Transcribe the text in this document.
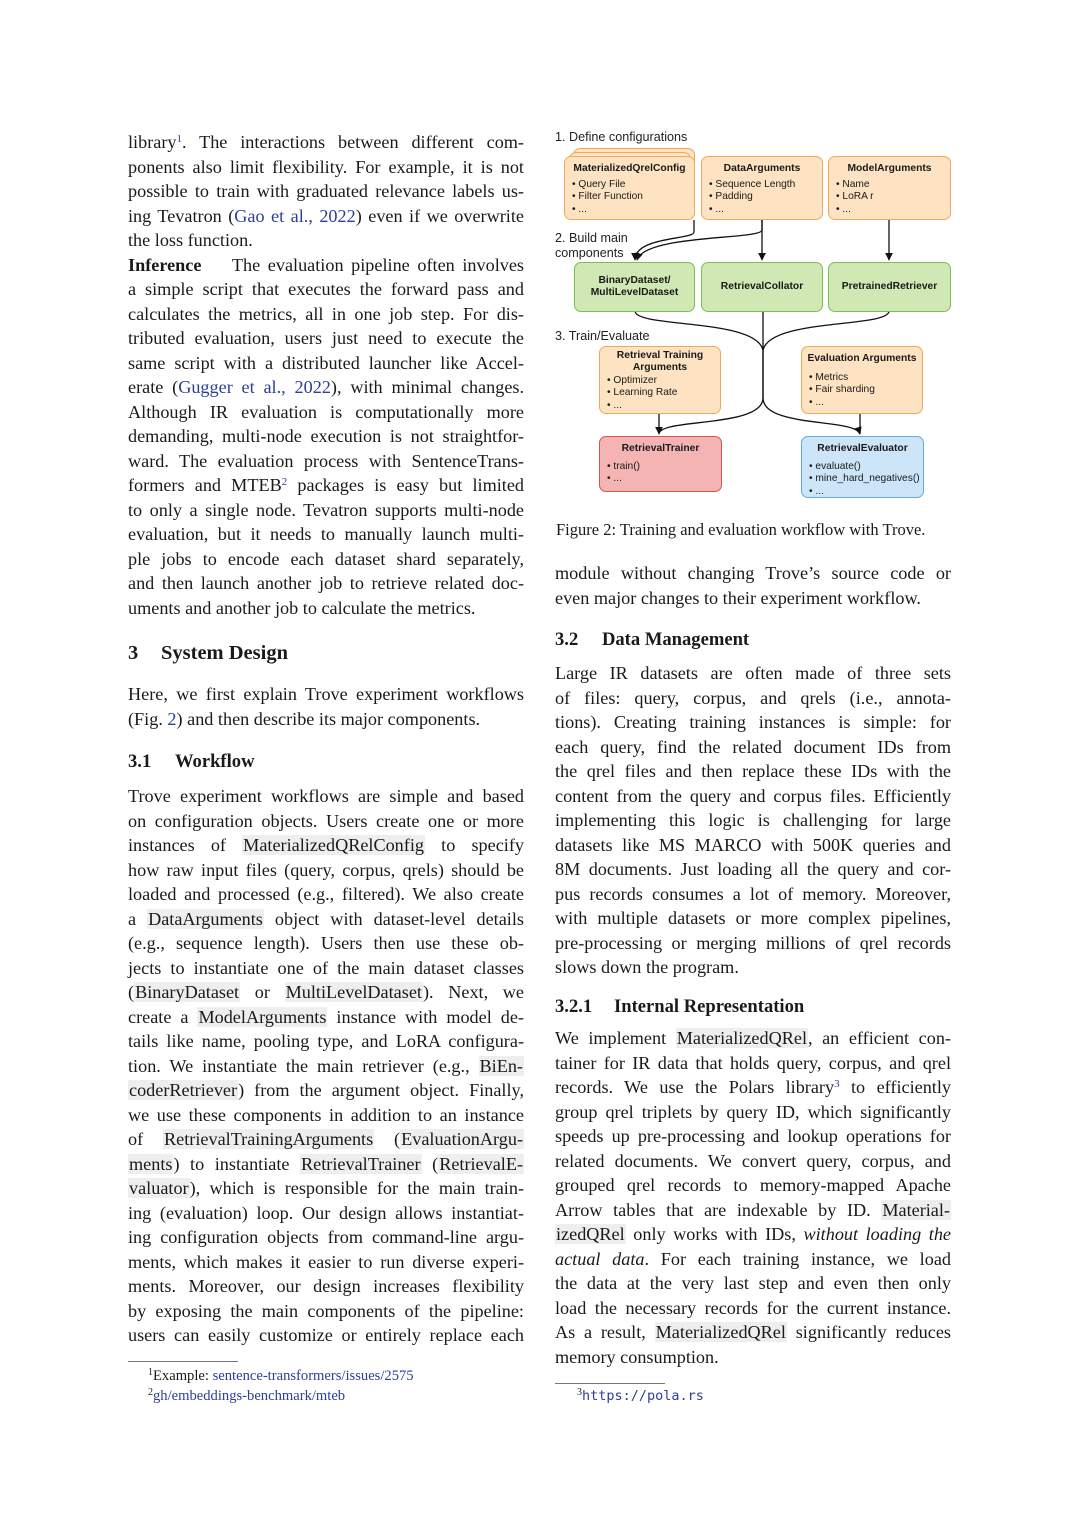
library$^1$. The interactions between different com-
ponents also limit flexibility. For example, it is not
possible to train with graduated relevance labels us-
ing Tevatron (Gao et al., 2022) even if we overwrite
the loss function.
Inference The evaluation pipeline often involves
a simple script that executes the forward pass and
calculates the metrics, all in one job step. For dis-
tributed evaluation, users just need to execute the
same script with a distributed launcher like Accel-
erate (Gugger et al., 2022), with minimal changes.
Although IR evaluation is computationally more
demanding, multi-node execution is not straightfor-
ward. The evaluation process with SentenceTrans-
formers and MTEB$^2$ packages is easy but limited
to only a single node. Tevatron supports multi-node
evaluation, but it needs to manually launch multi-
ple jobs to encode each dataset shard separately,
and then launch another job to retrieve related doc-
uments and another job to calculate the metrics.
3 System Design
Here, we first explain Trove experiment workflows
(Fig. 2) and then describe its major components.
3.1 Workflow
Trove experiment workflows are simple and based
on configuration objects. Users create one or more
instances of MaterializedQRelConfig to specify
how raw input files (query, corpus, qrels) should be
loaded and processed (e.g., filtered). We also create
a DataArguments object with dataset-level details
(e.g., sequence length). Users then use these ob-
jects to instantiate one of the main dataset classes
(BinaryDataset or MultiLevelDataset). Next, we
create a ModelArguments instance with model de-
tails like name, pooling type, and LoRA configura-
tion. We instantiate the main retriever (e.g., BiEn-
coderRetriever) from the argument object. Finally,
we use these components in addition to an instance
of RetrievalTrainingArguments (EvaluationArgu-
ments) to instantiate RetrievalTrainer (RetrievalE-
valuator), which is responsible for the main train-
ing (evaluation) loop. Our design allows instantiat-
ing configuration objects from command-line argu-
ments, which makes it easier to run diverse experi-
ments. Moreover, our design increases flexibility
by exposing the main components of the pipeline:
users can easily customize or entirely replace each
$^1$Example: sentence-transformers/issues/2575
$^2$gh/embeddings-benchmark/mteb
1. Define configurations
MaterializedQrelConfig
• Query File
• Filter Function
• ...
DataArguments
• Sequence Length
• Padding
• ...
ModelArguments
• Name
• LoRA r
• ...
2. Build main
components
BinaryDataset/
MultiLevelDataset
RetrievalCollator	PretrainedRetriever
3. Train/Evaluate
Retrieval Training
Arguments
• Optimizer
• Learning Rate
• ...
Evaluation Arguments
• Metrics
• Fair sharding
• ...
RetrievalTrainer
• train()
• ...
RetrievalEvaluator
• evaluate()
• mine_hard_negatives()
• ...
Figure 2: Training and evaluation workflow with Trove.
module without changing Trove’s source code or
even major changes to their experiment workflow.
3.2 Data Management
Large IR datasets are often made of three sets
of files: query, corpus, and qrels (i.e., annota-
tions). Creating training instances is simple: for
each query, find the related document IDs from
the qrel files and then replace these IDs with the
content from the query and corpus files. Efficiently
implementing this logic is challenging for large
datasets like MS MARCO with 500K queries and
8M documents. Just loading all the query and cor-
pus records consumes a lot of memory. Moreover,
with multiple datasets or more complex pipelines,
pre-processing or merging millions of qrel records
slows down the program.
3.2.1 Internal Representation
We implement MaterializedQRel, an efficient con-
tainer for IR data that holds query, corpus, and qrel
records. We use the Polars library$^3$ to efficiently
group qrel triplets by query ID, which significantly
speeds up pre-processing and lookup operations for
related documents. We convert query, corpus, and
grouped qrel records to memory-mapped Apache
Arrow tables that are indexable by ID. Material-
izedQRel only works with IDs, without loading the
actual data. For each training instance, we load
the data at the very last step and even then only
load the necessary records for the current instance.
As a result, MaterializedQRel significantly reduces
memory consumption.
$^3$https://pola.rs
